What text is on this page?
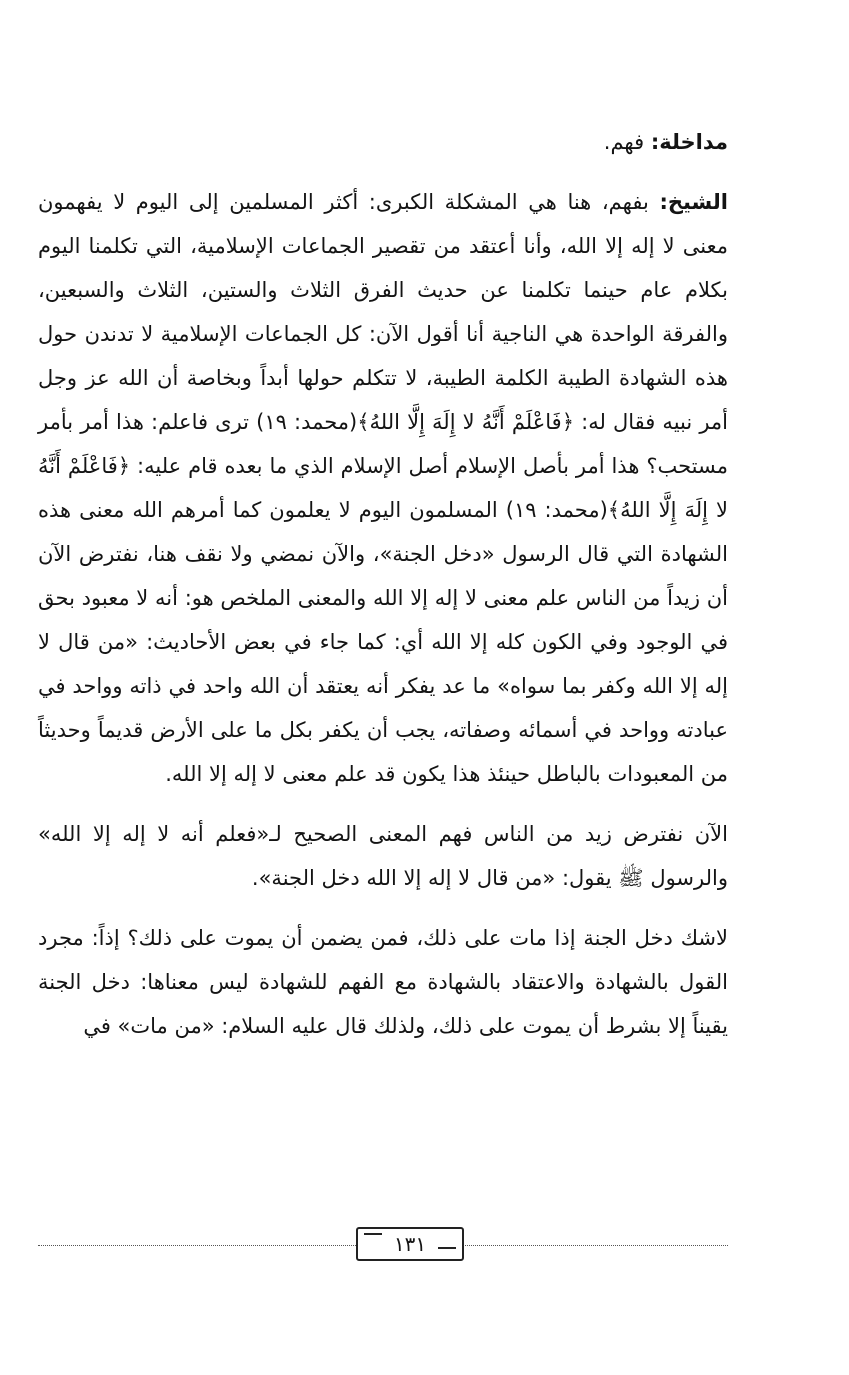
مداخلة: فهم.

الشيخ: بفهم، هنا هي المشكلة الكبرى: أكثر المسلمين إلى اليوم لا يفهمون معنى لا إله إلا الله، وأنا أعتقد من تقصير الجماعات الإسلامية، التي تكلمنا اليوم بكلام عام حينما تكلمنا عن حديث الفرق الثلاث والستين، الثلاث والسبعين، والفرقة الواحدة هي الناجية أنا أقول الآن: كل الجماعات الإسلامية لا تدندن حول هذه الشهادة الطيبة الكلمة الطيبة، لا تتكلم حولها أبداً وبخاصة أن الله عز وجل أمر نبيه فقال له: ﴿فَاعْلَمْ أَنَّهُ لا إِلَهَ إِلَّا اللهُ﴾(محمد: ١٩) ترى فاعلم: هذا أمر بأمر مستحب؟ هذا أمر بأصل الإسلام أصل الإسلام الذي ما بعده قام عليه: ﴿فَاعْلَمْ أَنَّهُ لا إِلَهَ إِلَّا اللهُ﴾(محمد: ١٩) المسلمون اليوم لا يعلمون كما أمرهم الله معنى هذه الشهادة التي قال الرسول «دخل الجنة»، والآن نمضي ولا نقف هنا، نفترض الآن أن زيداً من الناس علم معنى لا إله إلا الله والمعنى الملخص هو: أنه لا معبود بحق في الوجود وفي الكون كله إلا الله أي: كما جاء في بعض الأحاديث: «من قال لا إله إلا الله وكفر بما سواه» ما عد يفكر أنه يعتقد أن الله واحد في ذاته وواحد في عبادته وواحد في أسمائه وصفاته، يجب أن يكفر بكل ما على الأرض قديماً وحديثاً من المعبودات بالباطل حينئذ هذا يكون قد علم معنى لا إله إلا الله.

الآن نفترض زيد من الناس فهم المعنى الصحيح لـ«فعلم أنه لا إله إلا الله» والرسول ﷺ يقول: «من قال لا إله إلا الله دخل الجنة».

لاشك دخل الجنة إذا مات على ذلك، فمن يضمن أن يموت على ذلك؟ إذاً: مجرد القول بالشهادة والاعتقاد بالشهادة مع الفهم للشهادة ليس معناها: دخل الجنة يقيناً إلا بشرط أن يموت على ذلك، ولذلك قال عليه السلام: «من مات» في

١٣١
